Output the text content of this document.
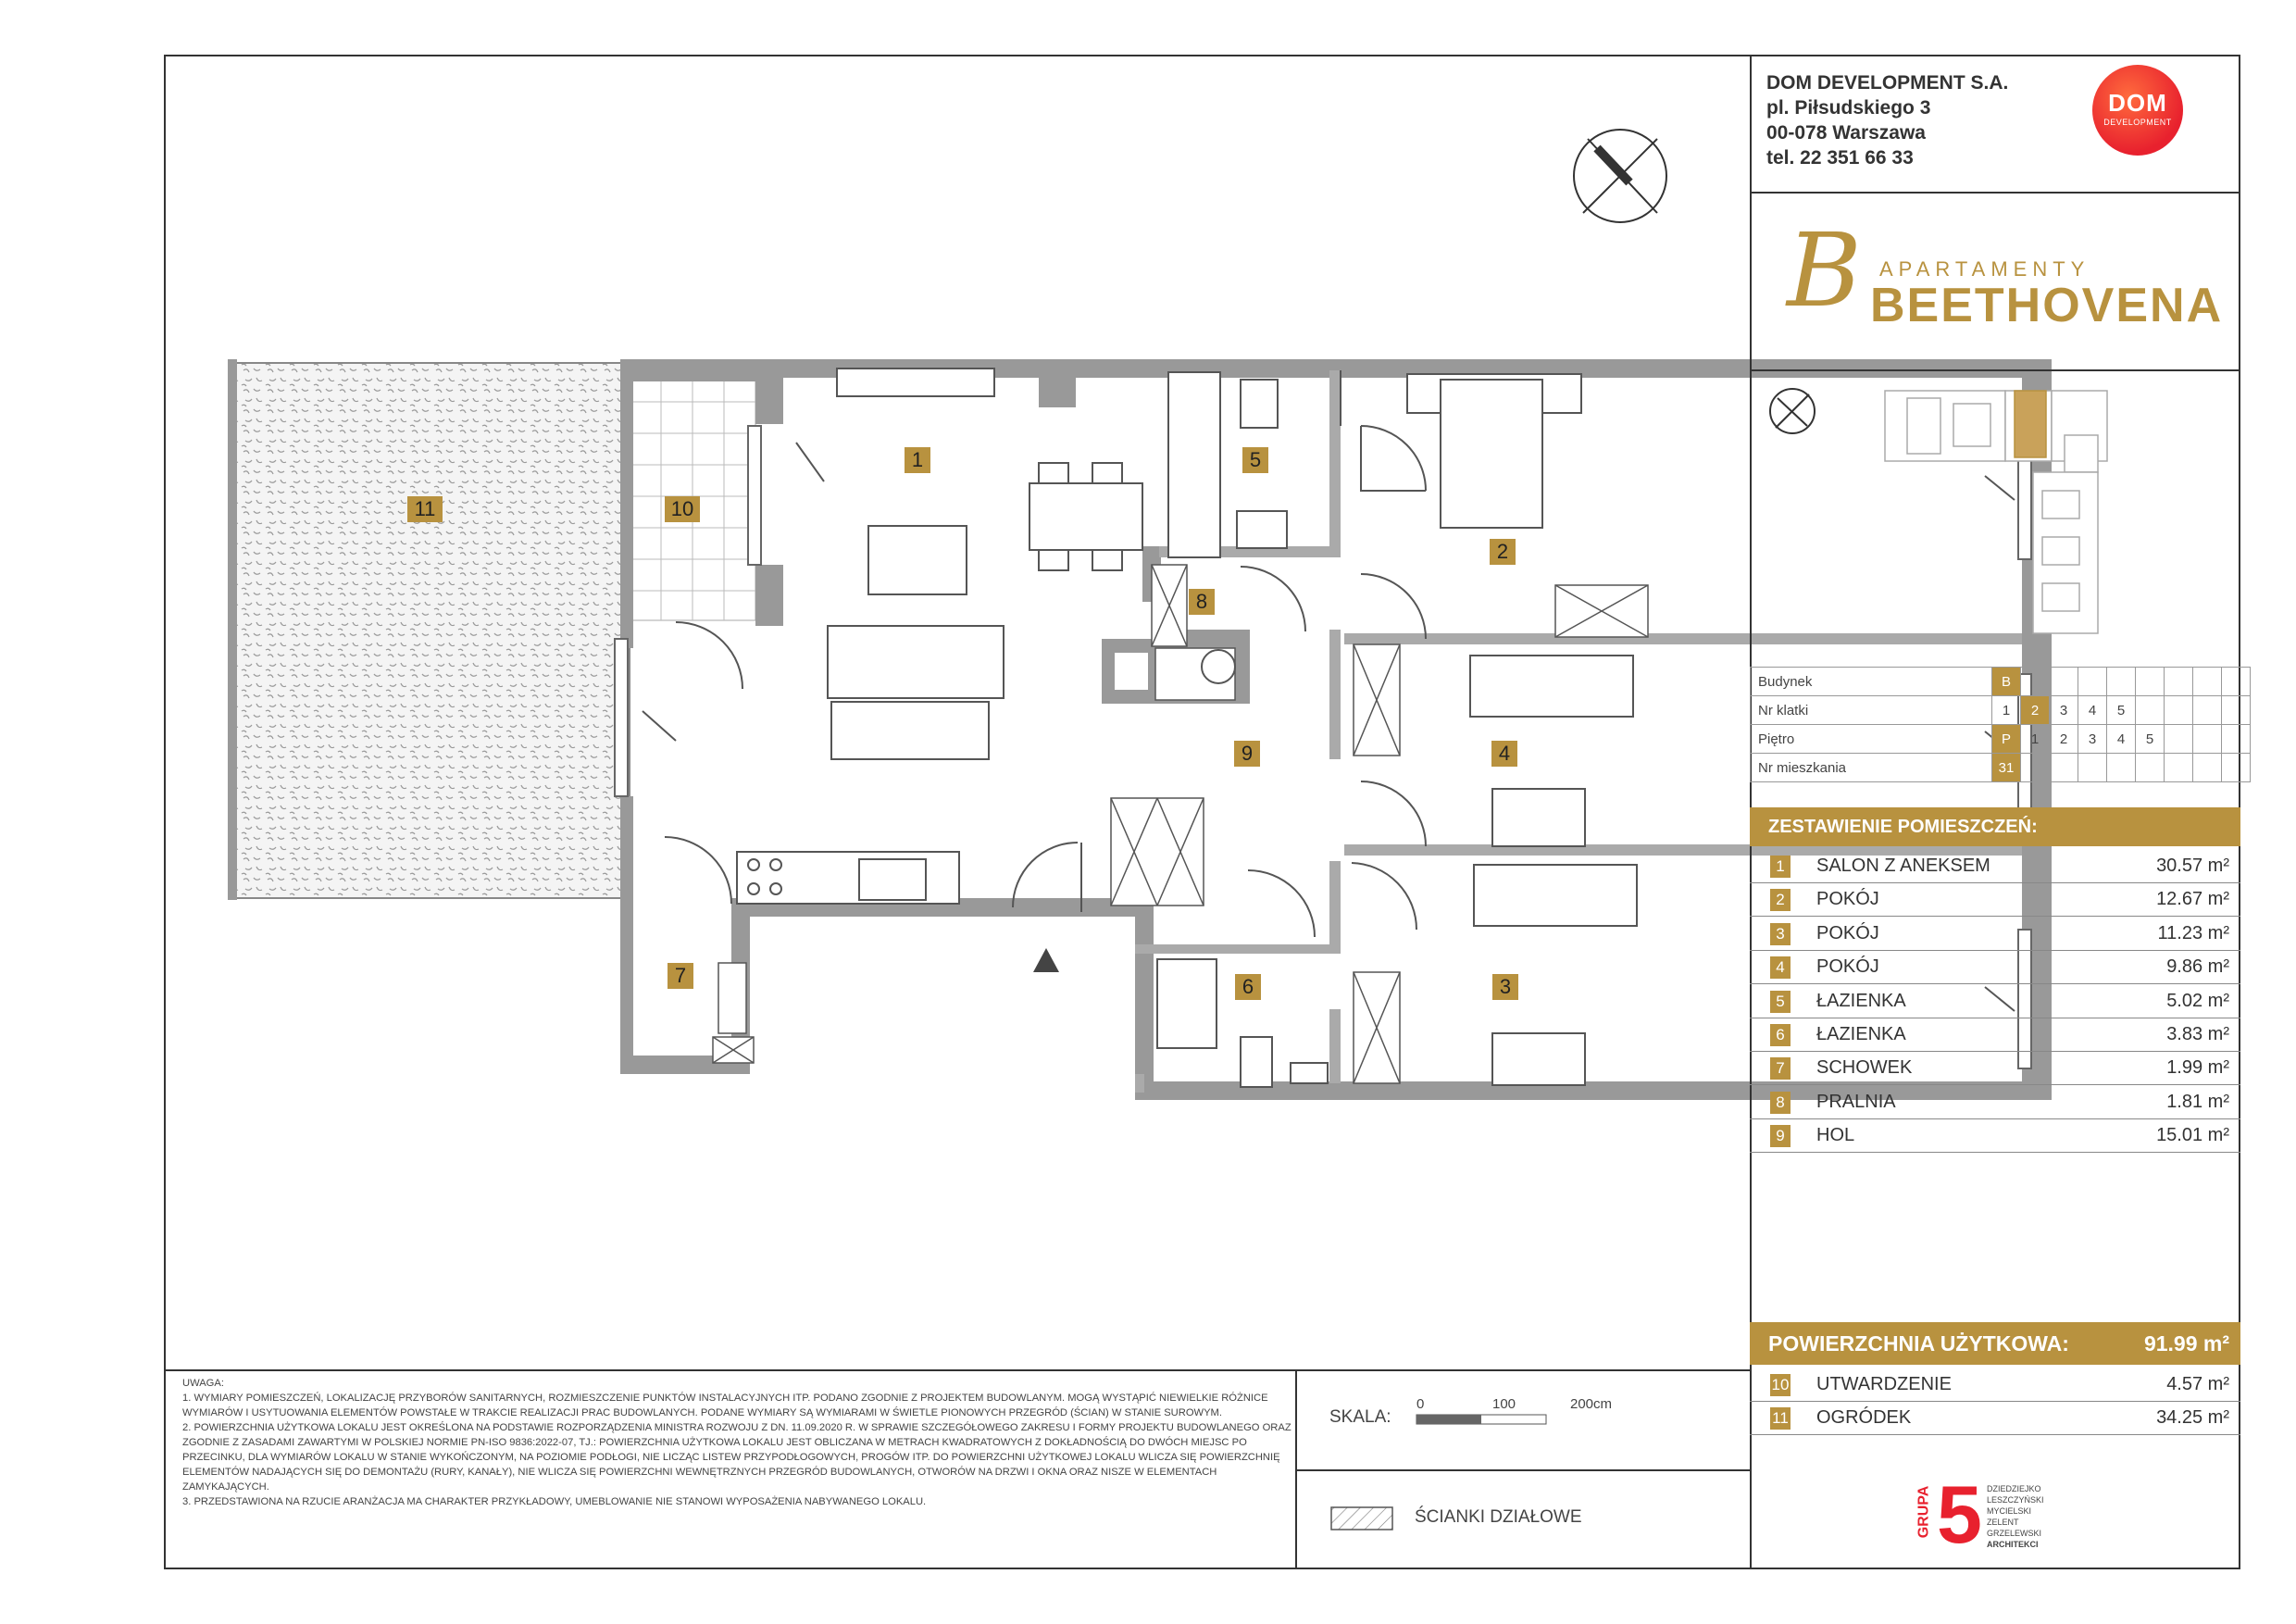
1
2
3
4
5
6
7
8
9
10
11
DOM DEVELOPMENT S.A.
pl. Piłsudskiego 3
00-078 Warszawa
tel. 22 351 66 33
DOM
DEVELOPMENT
B APARTAMENTY
BEETHOVENA
Budynek	B								
Nr klatki	1	2	3	4	5				
Piętro	P	1	2	3	4	5			
Nr mieszkania	31								
ZESTAWIENIE POMIESZCZEŃ:
1	SALON Z ANEKSEM	30.57 m²
2	POKÓJ	12.67 m²
3	POKÓJ	11.23 m²
4	POKÓJ	9.86 m²
5	ŁAZIENKA	5.02 m²
6	ŁAZIENKA	3.83 m²
7	SCHOWEK	1.99 m²
8	PRALNIA	1.81 m²
9	HOL	15.01 m²
POWIERZCHNIA UŻYTKOWA:	91.99 m²
10 UTWARDZENIE	4.57 m²
11 OGRÓDEK	34.25 m²

UWAGA:

1. WYMIARY POMIESZCZEŃ, LOKALIZACJĘ PRZYBORÓW SANITARNYCH, ROZMIESZCZENIE PUNKTÓW INSTALACYJNYCH ITP. PODANO ZGODNIE Z PROJEKTEM BUDOWLANYM. MOGĄ WYSTĄPIĆ NIEWIELKIE RÓŻNICE WYMIARÓW I USYTUOWANIA ELEMENTÓW POWSTAŁE W TRAKCIE REALIZACJI PRAC BUDOWLANYCH. PODANE WYMIARY SĄ WYMIARAMI W ŚWIETLE PIONOWYCH PRZEGRÓD (ŚCIAN) W STANIE SUROWYM.

2. POWIERZCHNIA UŻYTKOWA LOKALU JEST OKREŚLONA NA PODSTAWIE ROZPORZĄDZENIA MINISTRA ROZWOJU Z DN. 11.09.2020 R. W SPRAWIE SZCZEGÓŁOWEGO ZAKRESU I FORMY PROJEKTU BUDOWLANEGO ORAZ ZGODNIE Z ZASADAMI ZAWARTYMI W POLSKIEJ NORMIE PN-ISO 9836:2022-07, TJ.: POWIERZCHNIA UŻYTKOWA LOKALU JEST OBLICZANA W METRACH KWADRATOWYCH Z DOKŁADNOŚCIĄ DO DWÓCH MIEJSC PO PRZECINKU, DLA WYMIARÓW LOKALU W STANIE WYKOŃCZONYM, NA POZIOMIE PODŁOGI, NIE LICZĄC LISTEW PRZYPODŁOGOWYCH, PROGÓW ITP. DO POWIERZCHNI UŻYTKOWEJ LOKALU WLICZA SIĘ POWIERZCHNIĘ ELEMENTÓW NADAJĄCYCH SIĘ DO DEMONTAŻU (RURY, KANAŁY), NIE WLICZA SIĘ POWIERZCHNI WEWNĘTRZNYCH PRZEGRÓD BUDOWLANYCH, OTWORÓW NA DRZWI I OKNA ORAZ NISZE W ELEMENTACH ZAMYKAJĄCYCH.

3. PRZEDSTAWIONA NA RZUCIE ARANŻACJA MA CHARAKTER PRZYKŁADOWY, UMEBLOWANIE NIE STANOWI WYPOSAŻENIA NABYWANEGO LOKALU.

SKALA:
0	100	200cm
ŚCIANKI DZIAŁOWE	GRUPA 5 DZIEDZIEJKO
LESZCZYŃSKI
MYCIELSKI
ZELENT
GRZELEWSKI
ARCHITEKCI
